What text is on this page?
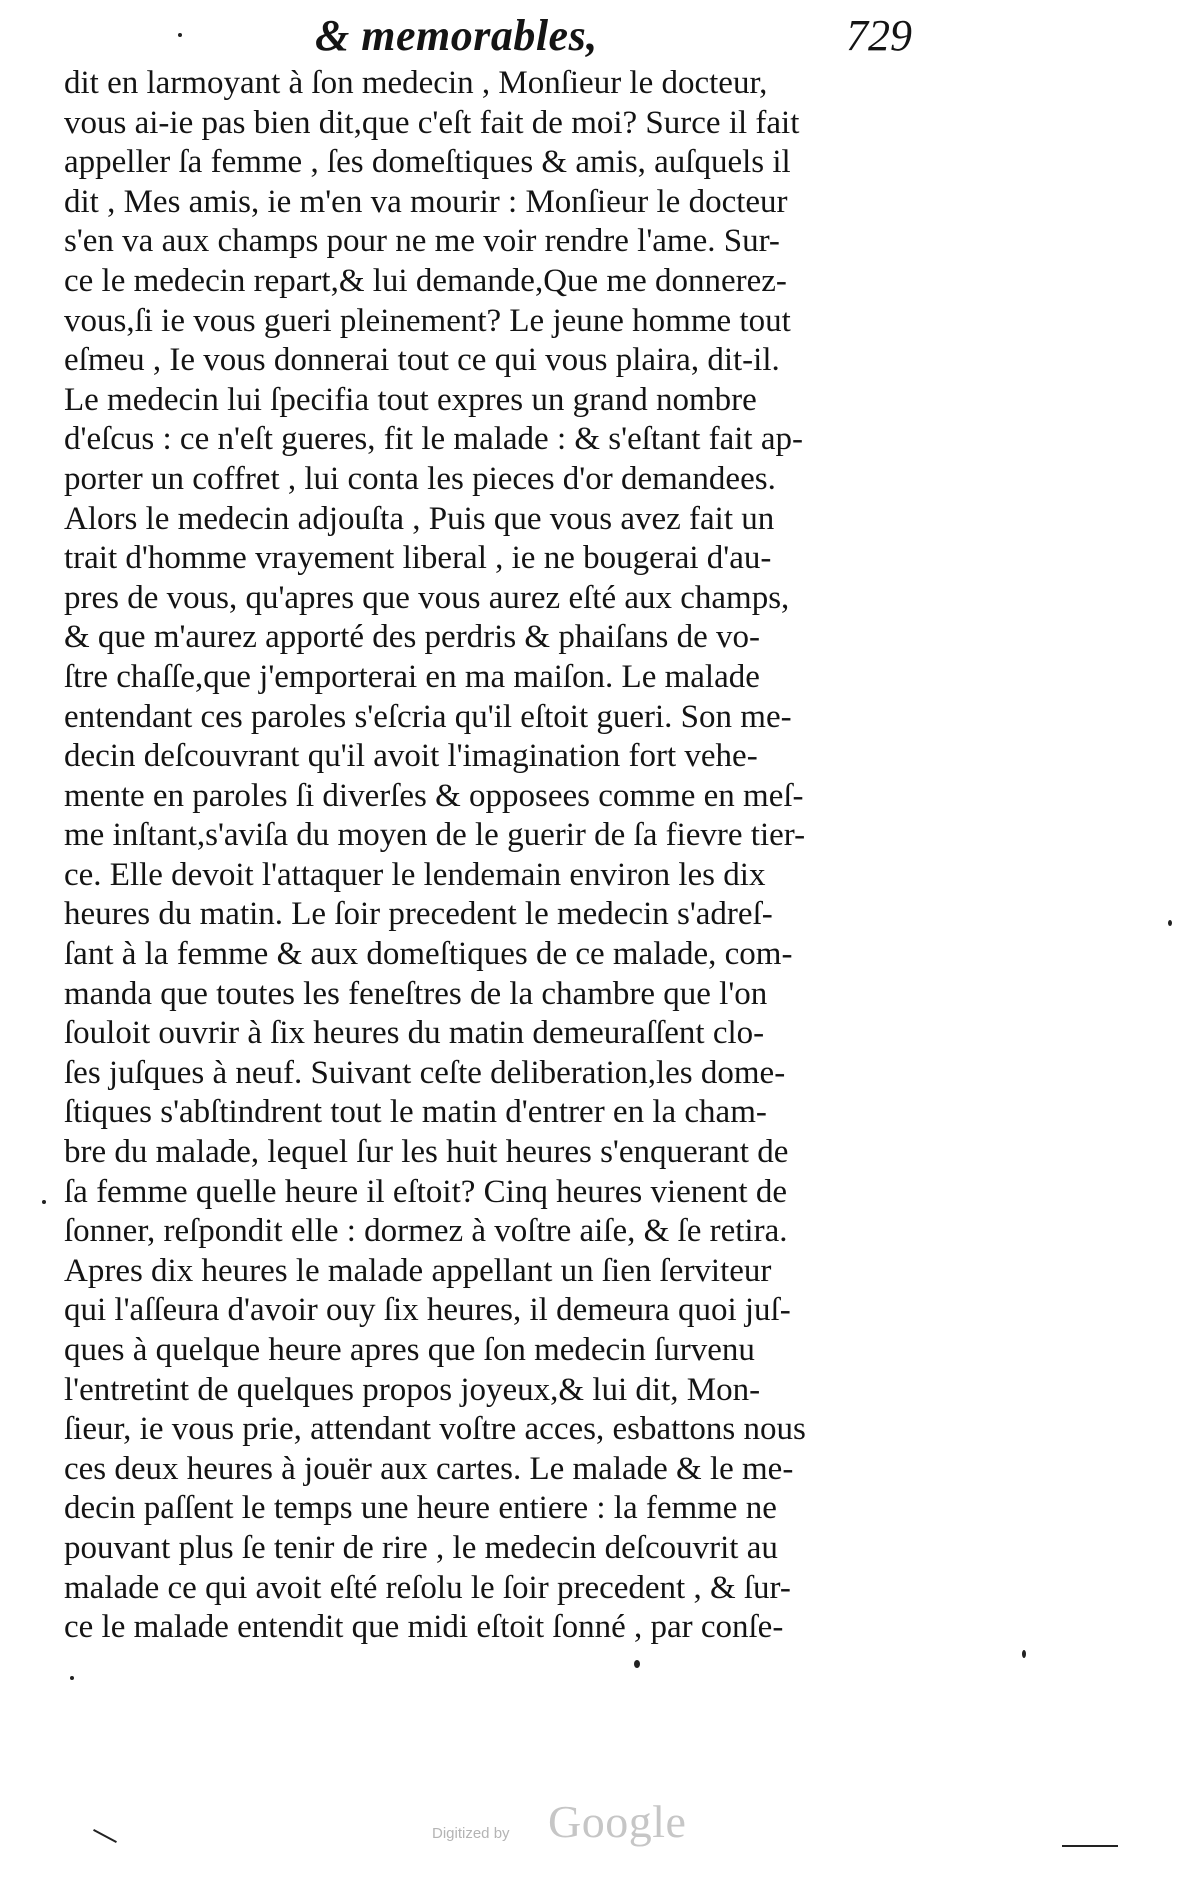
& memorables,	729
dit en larmoyant à ſon medecin , Monſieur le docteur,
vous ai-ie pas bien dit,que c'eſt fait de moi? Surce il fait
appeller ſa femme , ſes domeſtiques & amis, auſquels il
dit , Mes amis, ie m'en va mourir : Monſieur le docteur
s'en va aux champs pour ne me voir rendre l'ame. Sur-
ce le medecin repart,& lui demande,Que me donnerez-
vous,ſi ie vous gueri pleinement? Le jeune homme tout
eſmeu , Ie vous donnerai tout ce qui vous plaira, dit-il.
Le medecin lui ſpecifia tout expres un grand nombre
d'eſcus : ce n'eſt gueres, fit le malade : & s'eſtant fait ap-
porter un coffret , lui conta les pieces d'or demandees.
Alors le medecin adjouſta , Puis que vous avez fait un
trait d'homme vrayement liberal , ie ne bougerai d'au-
pres de vous, qu'apres que vous aurez eſté aux champs,
& que m'aurez apporté des perdris & phaiſans de vo-
ſtre chaſſe,que j'emporterai en ma maiſon. Le malade
entendant ces paroles s'eſcria qu'il eſtoit gueri. Son me-
decin deſcouvrant qu'il avoit l'imagination fort vehe-
mente en paroles ſi diverſes & opposees comme en meſ-
me inſtant,s'aviſa du moyen de le guerir de ſa fievre tier-
ce. Elle devoit l'attaquer le lendemain environ les dix
heures du matin. Le ſoir precedent le medecin s'adreſ-
ſant à la femme & aux domeſtiques de ce malade, com-
manda que toutes les feneſtres de la chambre que l'on
ſouloit ouvrir à ſix heures du matin demeuraſſent clo-
ſes juſques à neuf. Suivant ceſte deliberation,les dome-
ſtiques s'abſtindrent tout le matin d'entrer en la cham-
bre du malade, lequel ſur les huit heures s'enquerant de
ſa femme quelle heure il eſtoit? Cinq heures vienent de
ſonner, reſpondit elle : dormez à voſtre aiſe, & ſe retira.
Apres dix heures le malade appellant un ſien ſerviteur
qui l'aſſeura d'avoir ouy ſix heures, il demeura quoi juſ-
ques à quelque heure apres que ſon medecin ſurvenu
l'entretint de quelques propos joyeux,& lui dit, Mon-
ſieur, ie vous prie, attendant voſtre acces, esbattons nous
ces deux heures à jouër aux cartes. Le malade & le me-
decin paſſent le temps une heure entiere : la femme ne
pouvant plus ſe tenir de rire , le medecin deſcouvrit au
malade ce qui avoit eſté reſolu le ſoir precedent , & ſur-
ce le malade entendit que midi eſtoit ſonné , par conſe-
Digitized by Google
